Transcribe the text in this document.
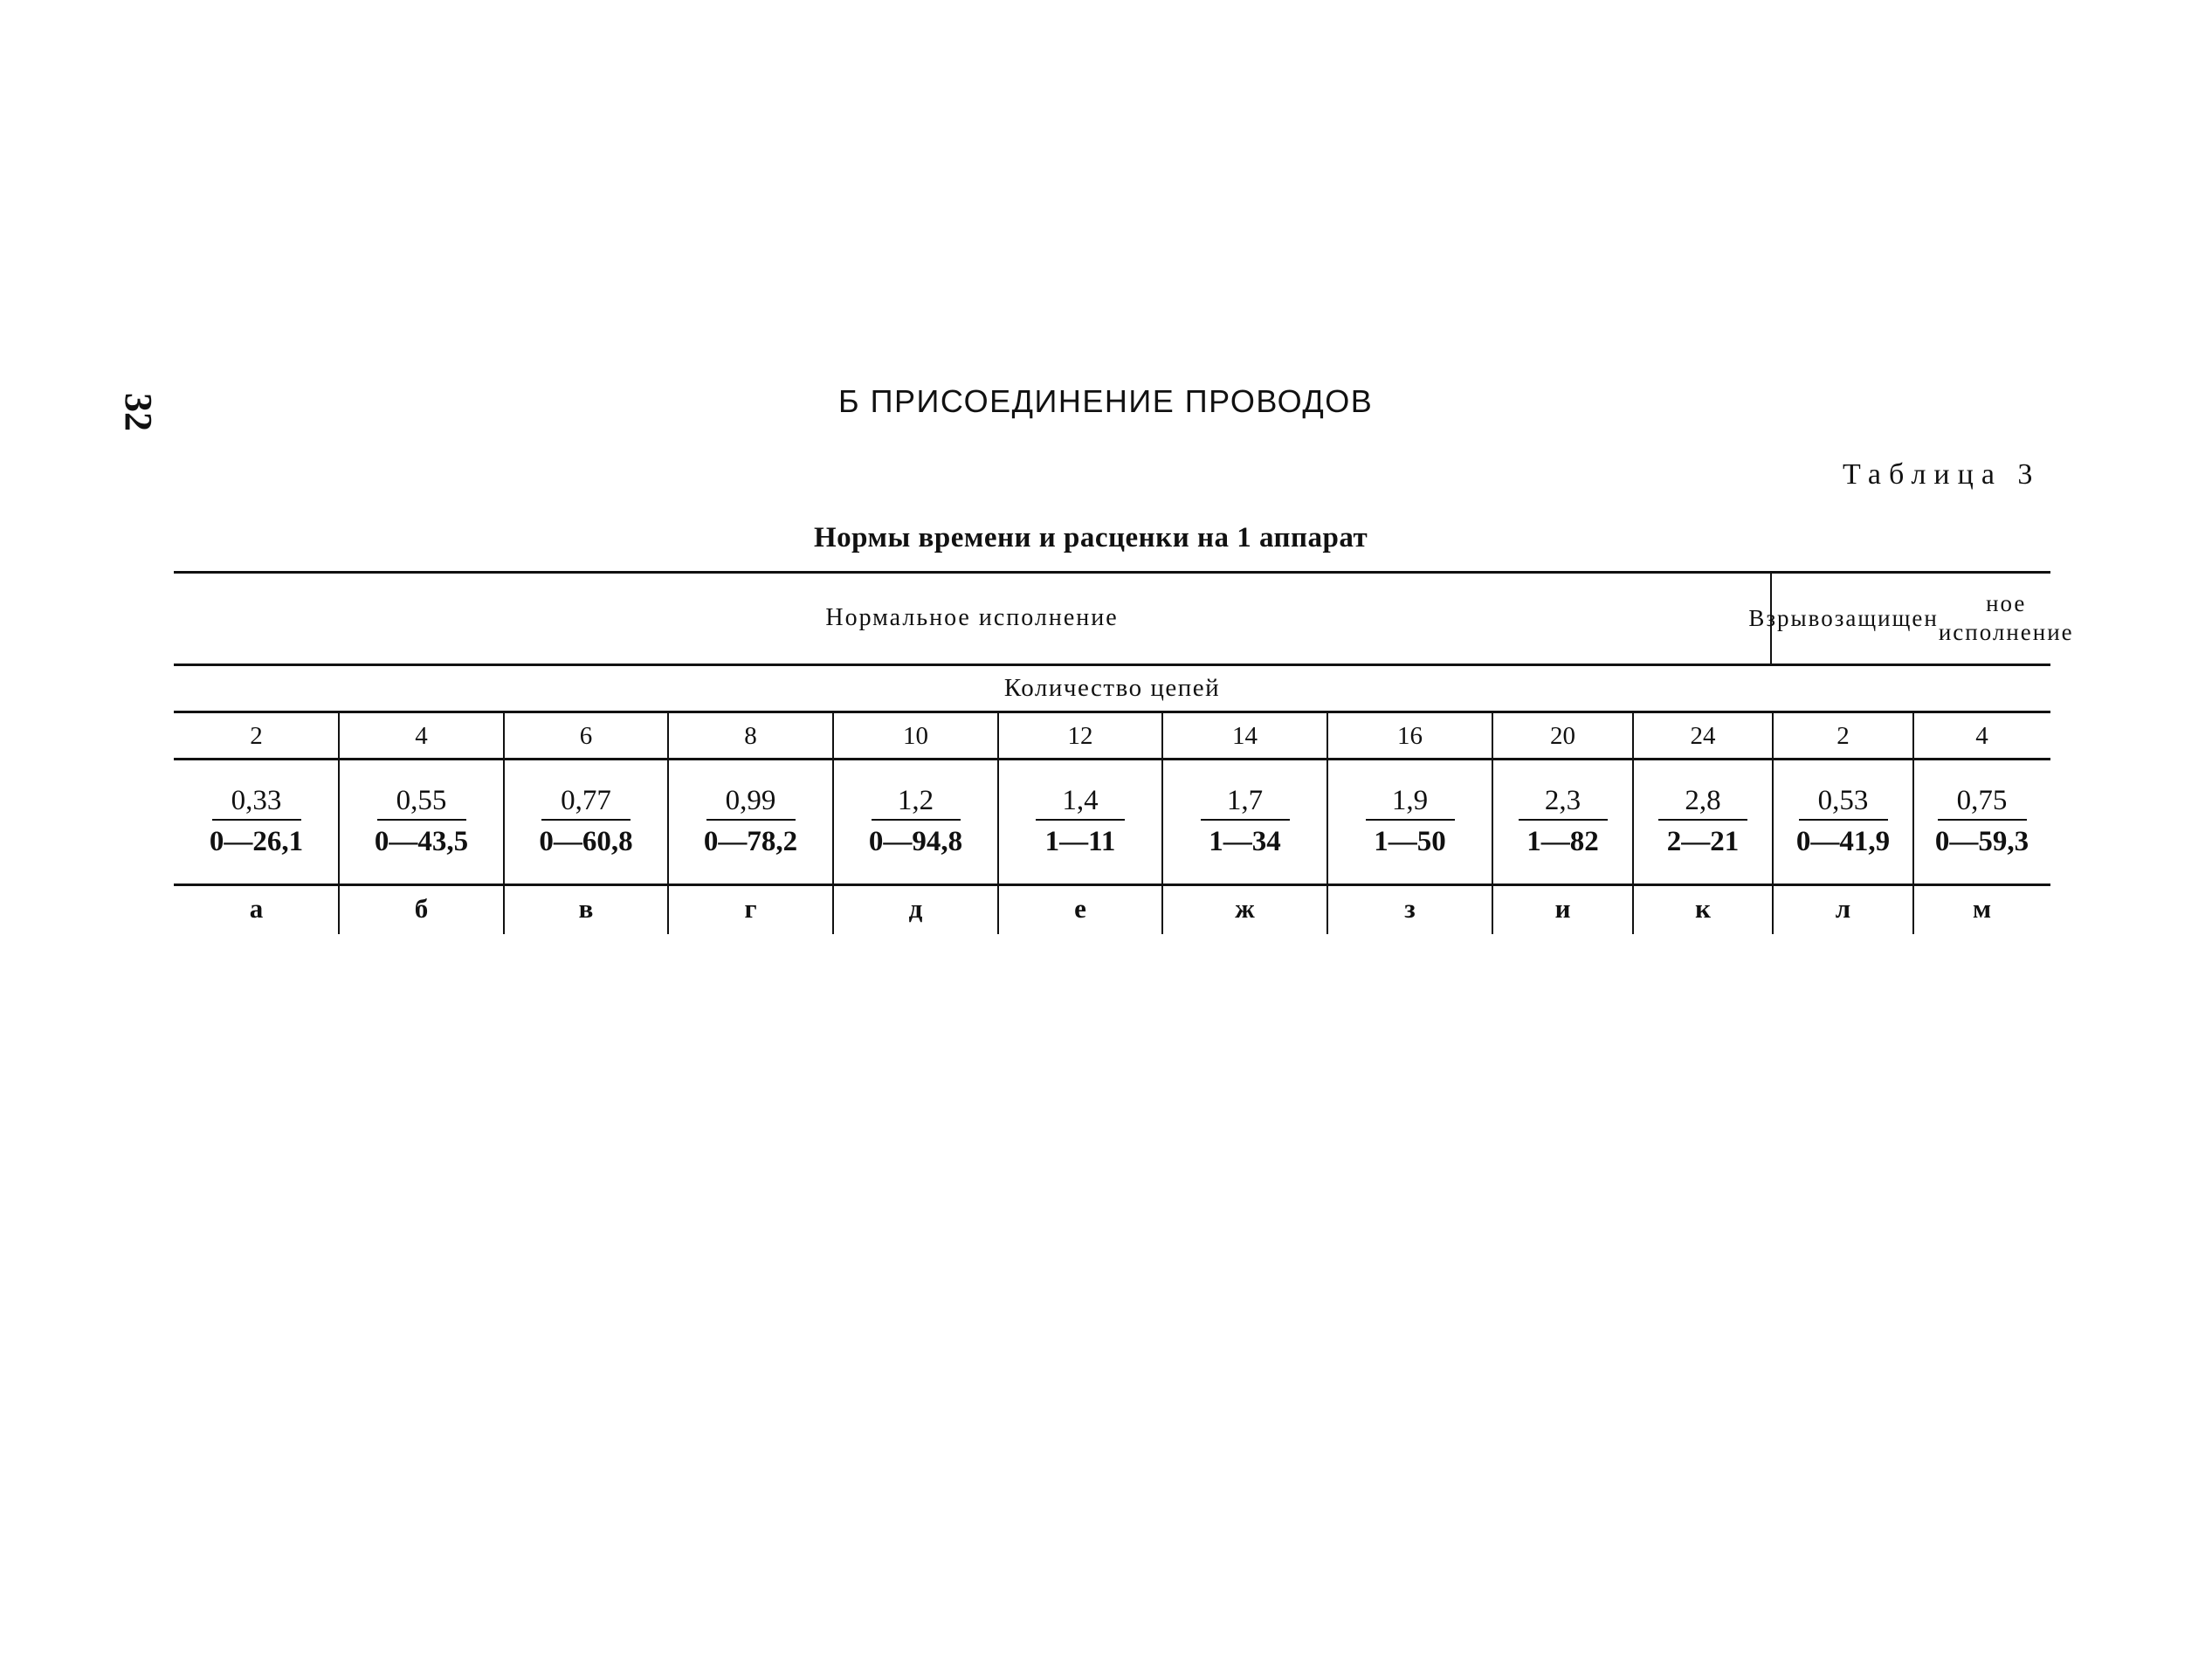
32	Б ПРИСОЕДИНЕНИЕ ПРОВОДОВ
Таблица 3
Нормы времени и расценки на 1 аппарат
Нормальное исполнение	Взрывозащищен
ное исполнение
Количество цепей
2
$\frac{0,33}{0—26,1}$
а
4
$\frac{0,55}{0—43,5}$
б
6
$\frac{0,77}{0—60,8}$
в
8
$\frac{0,99}{0—78,2}$
г
10
$\frac{1,2}{0—94,8}$
д
12
$\frac{1,4}{1—11}$
е
14
$\frac{1,7}{1—34}$
ж
16
$\frac{1,9}{1—50}$
з
20
$\frac{2,3}{1—82}$
и
24
$\frac{2,8}{2—21}$
к
2
$\frac{0,53}{0—41,9}$
л
4
$\frac{0,75}{0—59,3}$
м
